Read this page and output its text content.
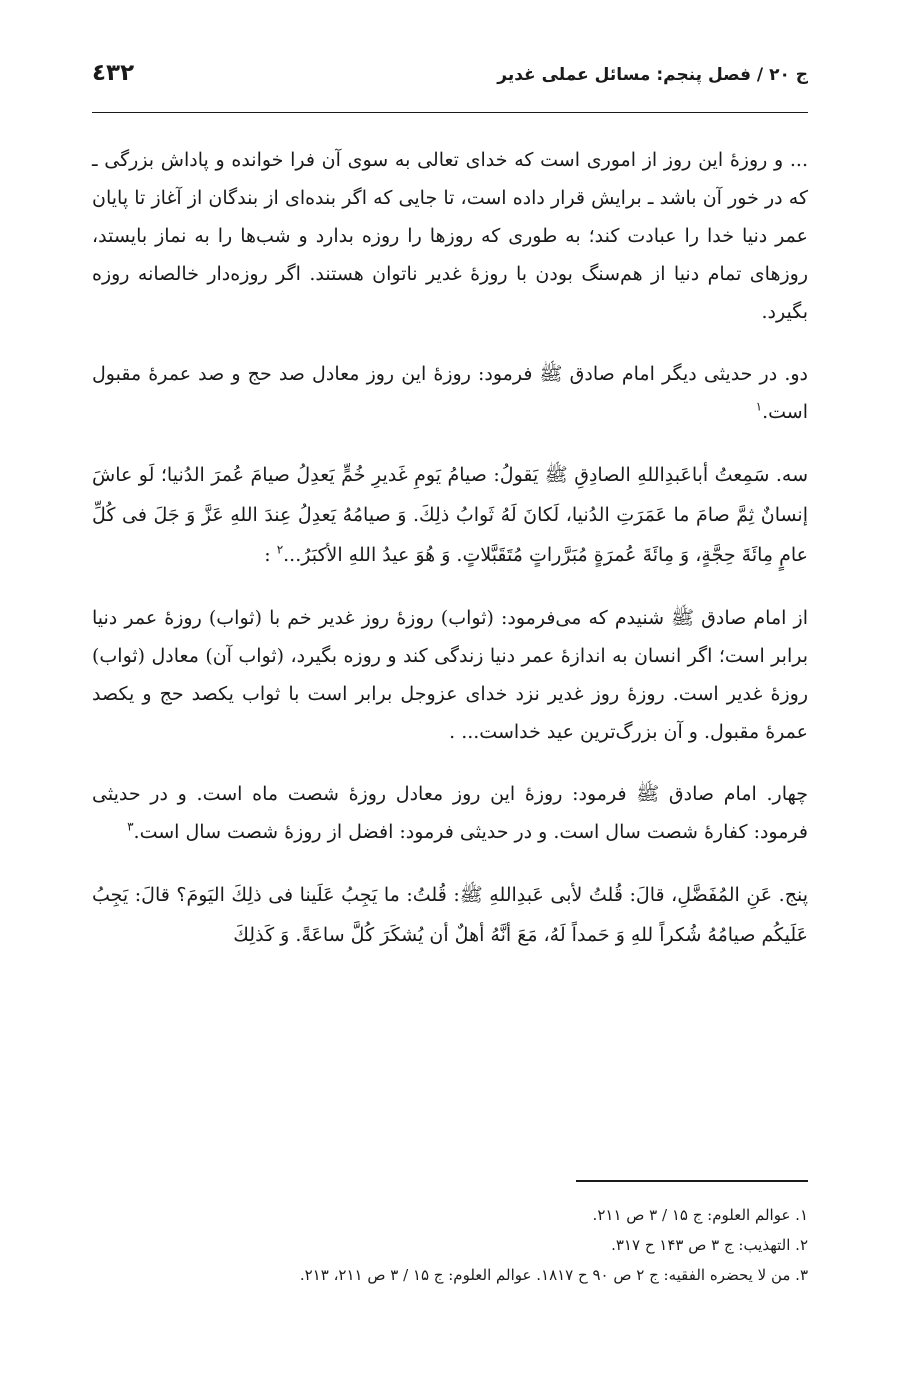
ج ۲۰ / فصل پنجم: مسائل عملی غدیر
٤٣٢

... و روزهٔ این روز از اموری است که خدای تعالی به سوی آن فرا خوانده و پاداش بزرگی ـ که در خور آن باشد ـ برایش قرار داده است، تا جایی که اگر بنده‌ای از بندگان از آغاز تا پایان عمر دنیا خدا را عبادت کند؛ به طوری که روزها را روزه بدارد و شب‌ها را به نماز بایستد، روزهای تمام دنیا از هم‌سنگ بودن با روزهٔ غدیر ناتوان هستند. اگر روزه‌دار خالصانه روزه بگیرد.

دو. در حدیثی دیگر امام صادق ﷺ فرمود: روزهٔ این روز معادل صد حج و صد عمرهٔ مقبول است.$^١$

سه. سَمِعتُ أباعَبدِاللهِ الصادِقِ ﷺ يَقولُ: صيامُ يَومِ غَديرِ خُمٍّ يَعدِلُ صيامَ عُمرَ الدُنيا؛ لَو عاشَ إنسانٌ ثِمَّ صامَ ما عَمَرَتِ الدُنيا، لَكانَ لَهُ ثَوابُ ذلِكَ. وَ صيامُهُ يَعدِلُ عِندَ اللهِ عَزَّ وَ جَلَ فی كُلِّ عامٍ مِائَةَ حِجَّةٍ، وَ مِائَةَ عُمرَةٍ مُبَرَّراتٍ مُتَقَبَّلاتٍ. وَ هُوَ عيدُ اللهِ الأكبَرُ...$^٢$ :

از امام صادق ﷺ شنیدم که می‌فرمود: (ثواب) روزهٔ روز غدیر خم با (ثواب) روزهٔ عمر دنیا برابر است؛ اگر انسان به اندازهٔ عمر دنیا زندگی کند و روزه بگیرد، (ثواب آن) معادل (ثواب) روزهٔ غدیر است. روزهٔ روز غدیر نزد خدای عزوجل برابر است با ثواب یکصد حج و یکصد عمرهٔ مقبول. و آن بزرگ‌ترین عید خداست... .

چهار. امام صادق ﷺ فرمود: روزهٔ این روز معادل روزهٔ شصت ماه است. و در حدیثی فرمود: کفارهٔ شصت سال است. و در حدیثی فرمود: افضل از روزهٔ شصت سال است.$^٣$

پنج. عَنِ المُفَضَّلِ، قالَ: قُلتُ لأبی عَبدِاللهِ ﷺ: قُلتُ: ما يَجِبُ عَلَينا فی ذلِكَ اليَومَ؟ قالَ: يَجِبُ عَلَيكُم صيامُهُ شُكراً للهِ وَ حَمداً لَهُ، مَعَ أنَّهُ أهلٌ أن يُشكَرَ كُلَّ ساعَةً. وَ كَذلِكَ

۱. عوالم العلوم: ج ۱۵ / ۳ ص ۲۱۱.

۲. التهذیب: ج ۳ ص ۱۴۳ ح ۳۱۷.

۳. من لا یحضره الفقیه: ج ۲ ص ۹۰ ح ۱۸۱۷. عوالم العلوم: ج ۱۵ / ۳ ص ۲۱۱، ۲۱۳.
